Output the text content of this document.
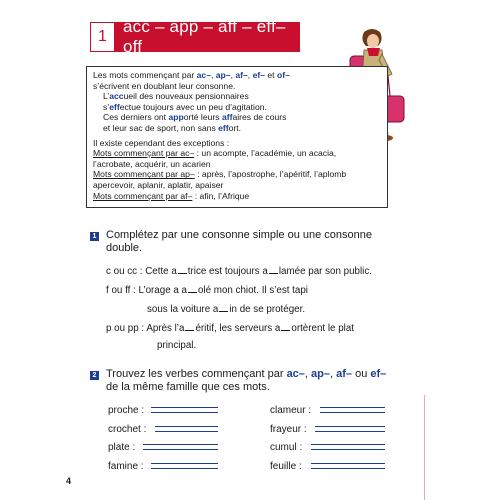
1
acc – app – aff – eff– off

Les mots commençant par ac–, ap–, af–, ef– et of–

s’écrivent en doublant leur consonne.

L’accueil des nouveaux pensionnaires

s’effectue toujours avec un peu d’agitation.

Ces derniers ont apporté leurs affaires de cours

et leur sac de sport, non sans effort.

Il existe cependant des exceptions :

Mots commençant par ac– : un acompte, l’académie, un acacia,

l’acrobate, acquérir, un acarien

Mots commençant par ap– : après, l’apostrophe, l’apéritif, l’aplomb

apercevoir, aplanir, aplatir, apaiser

Mots commençant par af– : afin, l’Afrique

1 Complétez par une consonne simple ou une consonne double.
c ou cc : Cette a trice est toujours a lamée par son public.
f ou ff : L’orage a a olé mon chiot. Il s’est tapi
sous la voiture a in de se protéger.
p ou pp : Après l’a éritif, les serveurs a ortèrent le plat
principal.
2 Trouvez les verbes commençant par ac–, ap–, af– ou ef–
de la même famille que ces mots.
proche :
crochet :
plate :
famine :
clameur :
frayeur :
cumul :
feuille :
4
